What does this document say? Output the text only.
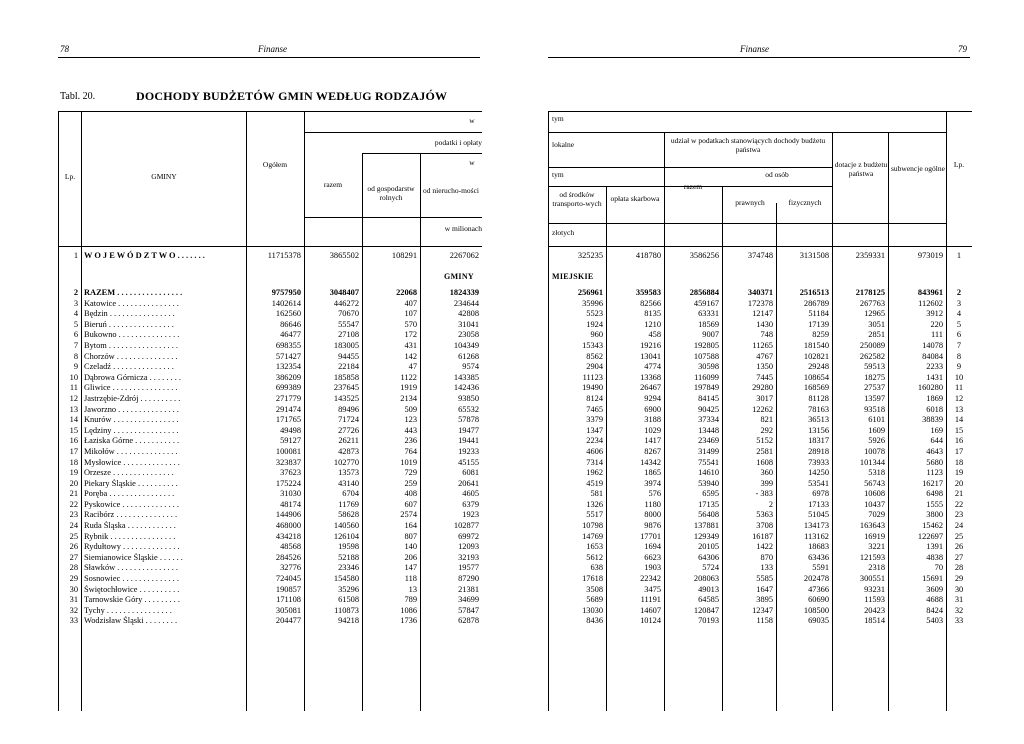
78	Finanse	Finanse	79
Tabl. 20.	DOCHODY BUDŻETÓW GMIN WEDŁUG RODZAJÓW
Lp.	GMINY
Ogółem
w
podatki i opłaty
w
razem	od gospodarstw rolnych
od nierucho-mości
w milionach
tym
lokalne	udział w podatkach stanowiących dochody budżetu państwa
tym
od środków transporto-wych	opłata skarbowa
razem
od osób
prawnych	fizycznych
dotacje z budżetu państwa	subwencje ogólne	Lp.
złotych
1	W O J E W Ó D Z T W O . . . . . . .	11715378	3865502	108291	2267062
GMINY					
2	RAZEM . . . . . . . . . . . . . . . .	9757950	3048407	22068	1824339
3	Katowice . . . . . . . . . . . . . . .	1402614	446272	407	234644
4	Będzin . . . . . . . . . . . . . . . .	162560	70670	107	42808
5	Bieruń . . . . . . . . . . . . . . . .	86646	55547	570	31041
6	Bukowno . . . . . . . . . . . . . . .	46477	27108	172	23058
7	Bytom . . . . . . . . . . . . . . . . .	698355	183005	431	104349
8	Chorzów . . . . . . . . . . . . . . .	571427	94455	142	61268
9	Czeladź . . . . . . . . . . . . . . .	132354	22184	47	9574
10	Dąbrowa Górnicza . . . . . . . .	386209	185858	1122	143385
11	Gliwice . . . . . . . . . . . . . . . .	699389	237645	1919	142436
12	Jastrzębie-Zdrój . . . . . . . . . .	271779	143525	2134	93850
13	Jaworzno . . . . . . . . . . . . . . .	291474	89496	509	65532
14	Knurów . . . . . . . . . . . . . . . .	171765	71724	123	57878
15	Lędziny . . . . . . . . . . . . . . . .	49498	27726	443	19477
16	Łaziska Górne . . . . . . . . . . .	59127	26211	236	19441
17	Mikołów . . . . . . . . . . . . . . .	100081	42873	764	19233
18	Mysłowice . . . . . . . . . . . . . .	323837	102770	1019	45155
19	Orzesze . . . . . . . . . . . . . . .	37623	13573	729	6081
20	Piekary Śląskie . . . . . . . . . .	175224	43140	259	20641
21	Poręba . . . . . . . . . . . . . . . .	31030	6704	408	4605
22	Pyskowice . . . . . . . . . . . . . .	48174	11769	607	6379
23	Racibórz . . . . . . . . . . . . . . .	144906	58628	2574	1923
24	Ruda Śląska . . . . . . . . . . . .	468000	140560	164	102877
25	Rybnik . . . . . . . . . . . . . . . .	434218	126104	807	69972
26	Rydułtowy . . . . . . . . . . . . . .	48568	19598	140	12093
27	Siemianowice Śląskie . . . . . .	284526	52188	206	32193
28	Sławków . . . . . . . . . . . . . . .	32776	23346	147	19577
29	Sosnowiec . . . . . . . . . . . . . .	724045	154580	118	87290
30	Świętochłowice . . . . . . . . . .	190857	35296	13	21381
31	Tarnowskie Góry . . . . . . . . .	171108	61508	789	34699
32	Tychy . . . . . . . . . . . . . . . .	305081	110873	1086	57847
33	Wodzisław Śląski . . . . . . . .	204477	94218	1736	62878
325235	418780	3586256	374748	3131508	2359331	973019	1
MIEJSKIE							
256961	359583	2856884	340371	2516513	2178125	843961	2
35996	82566	459167	172378	286789	267763	112602	3
5523	8135	63331	12147	51184	12965	3912	4
1924	1210	18569	1430	17139	3051	220	5
960	458	9007	748	8259	2851	111	6
15343	19216	192805	11265	181540	250089	14078	7
8562	13041	107588	4767	102821	262582	84084	8
2904	4774	30598	1350	29248	59513	2233	9
11123	13368	116099	7445	108654	18275	1431	10
19490	26467	197849	29280	168569	27537	160280	11
8124	9294	84145	3017	81128	13597	1869	12
7465	6900	90425	12262	78163	93518	6018	13
3379	3188	37334	821	36513	6101	38839	14
1347	1029	13448	292	13156	1609	169	15
2234	1417	23469	5152	18317	5926	644	16
4606	8267	31499	2581	28918	10078	4643	17
7314	14342	75541	1608	73933	101344	5680	18
1962	1865	14610	360	14250	5318	1123	19
4519	3974	53940	399	53541	56743	16217	20
581	576	6595	- 383	6978	10608	6498	21
1326	1180	17135	2	17133	10437	1555	22
5517	8000	56408	5363	51045	7029	3800	23
10798	9876	137881	3708	134173	163643	15462	24
14769	17701	129349	16187	113162	16919	122697	25
1653	1694	20105	1422	18683	3221	1391	26
5612	6623	64306	870	63436	121593	4838	27
638	1903	5724	133	5591	2318	70	28
17618	22342	208063	5585	202478	300551	15691	29
3508	3475	49013	1647	47366	93231	3609	30
5689	11191	64585	3895	60690	11593	4688	31
13030	14607	120847	12347	108500	20423	8424	32
8436	10124	70193	1158	69035	18514	5403	33
